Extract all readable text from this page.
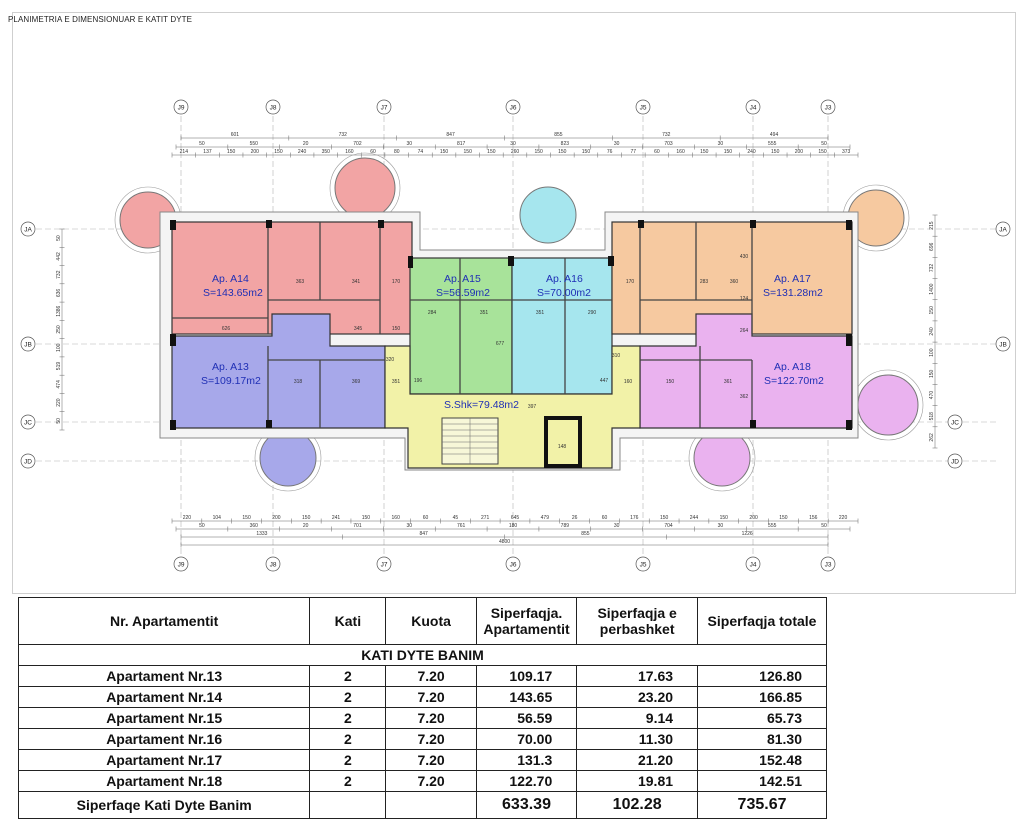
PLANIMETRIA E DIMENSIONUAR E KATIT DYTE
601	732	847	855	732	494
50	550	20	702	30	817	30	823	30	703	30	555	50
214	137	150	200	150	240	350	160	60	80	74	150	150	150	260	150	150	150	76	77	60	160	150	150	240	150	200	150	373
220	104	150	200	150	241	150	160	60	45	271	645	479	26	60	176	150	244	150	200	150	156	220
50	360	20	701	30	761	180	789	30	704	30	555	50
1333	847	855	1226
4800
50
442
732
636
1386
250
100
519
474
220
50
215
696
732
1400
150
240
100
150
470
518
262
Ap. A14
S=143.65m2
Ap. A15
S=56.59m2
Ap. A16
S=70.00m2
Ap. A17
S=131.28m2
Ap. A13
S=109.17m2
Ap. A18
S=122.70m2
S.Shk=79.48m2
363	341	170
626	345	150
284	351
677
351	290
170	283	360
124
430
264
320
310
318	369	351	160	150	361
362
397
148
196	447
J9
J9
J8
J8
J7
J7
J6
J6
J5
J5
J4
J4
J3
J3
JA	JA
JB	JB
JC	JC
JD	JD
Nr. Apartamentit	Kati	Kuota	Siperfaqja. Apartamentit	Siperfaqja e perbashket	Siperfaqja totale
KATI DYTE BANIM					
Apartament Nr.13	2	7.20	109.17	17.63	126.80
Apartament Nr.14	2	7.20	143.65	23.20	166.85
Apartament Nr.15	2	7.20	56.59	9.14	65.73
Apartament Nr.16	2	7.20	70.00	11.30	81.30
Apartament Nr.17	2	7.20	131.3	21.20	152.48
Apartament Nr.18	2	7.20	122.70	19.81	142.51
Siperfaqe Kati Dyte Banim			633.39	102.28	735.67
